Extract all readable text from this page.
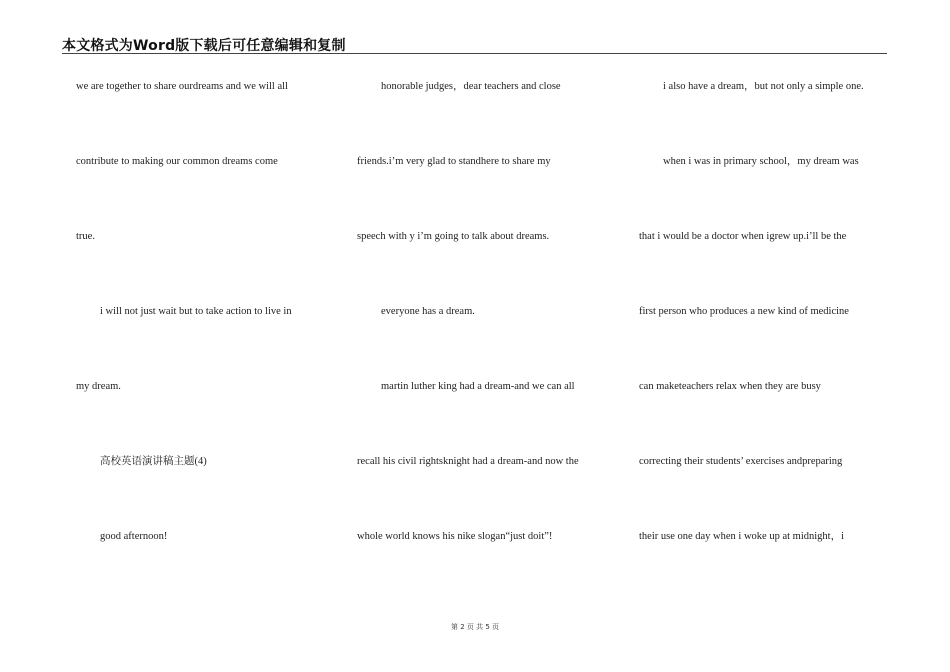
本文格式为Word版下载后可任意编辑和复制
we are together to share ourdreams and we will all
contribute to making our common dreams come
true.
i will not just wait but to take action to live in
my dream.
高校英语演讲稿主题(4)
good afternoon!
honorable judges，dear teachers and close
friends.i’m very glad to standhere to share my
speech with y i’m going to talk about dreams.
everyone has a dream.
martin luther king had a dream-and we can all
recall his civil rightsknight had a dream-and now the
whole world knows his nike slogan“just doit”!
i also have a dream，but not only a simple one.
when i was in primary school，my dream was
that i would be a doctor when igrew up.i’ll be the
first person who produces a new kind of medicine
can maketeachers relax when they are busy
correcting their students’ exercises andpreparing
their use one day when i woke up at midnight，i
第 2 页 共 5 页
